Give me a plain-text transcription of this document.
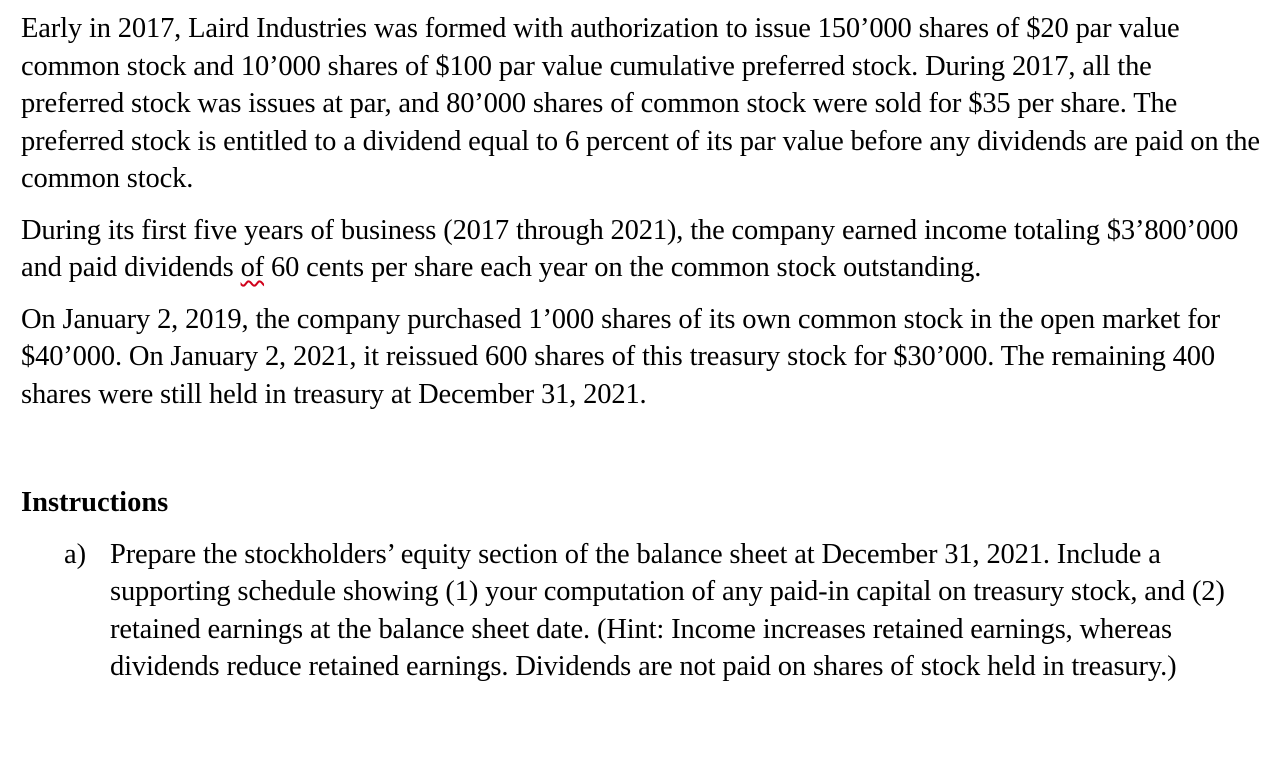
Early in 2017, Laird Industries was formed with authorization to issue 150’000 shares of $20 par value common stock and 10’000 shares of $100 par value cumulative preferred stock. During 2017, all the preferred stock was issues at par, and 80’000 shares of common stock were sold for $35 per share. The preferred stock is entitled to a dividend equal to 6 percent of its par value before any dividends are paid on the common stock.

During its first five years of business (2017 through 2021), the company earned income totaling $3’800’000 and paid dividends of 60 cents per share each year on the common stock outstanding.

On January 2, 2019, the company purchased 1’000 shares of its own common stock in the open market for $40’000. On January 2, 2021, it reissued 600 shares of this treasury stock for $30’000. The remaining 400 shares were still held in treasury at December 31, 2021.

Instructions

a) Prepare the stockholders’ equity section of the balance sheet at December 31, 2021. Include a supporting schedule showing (1) your computation of any paid-in capital on treasury stock, and (2) retained earnings at the balance sheet date. (Hint: Income increases retained earnings, whereas dividends reduce retained earnings. Dividends are not paid on shares of stock held in treasury.)
